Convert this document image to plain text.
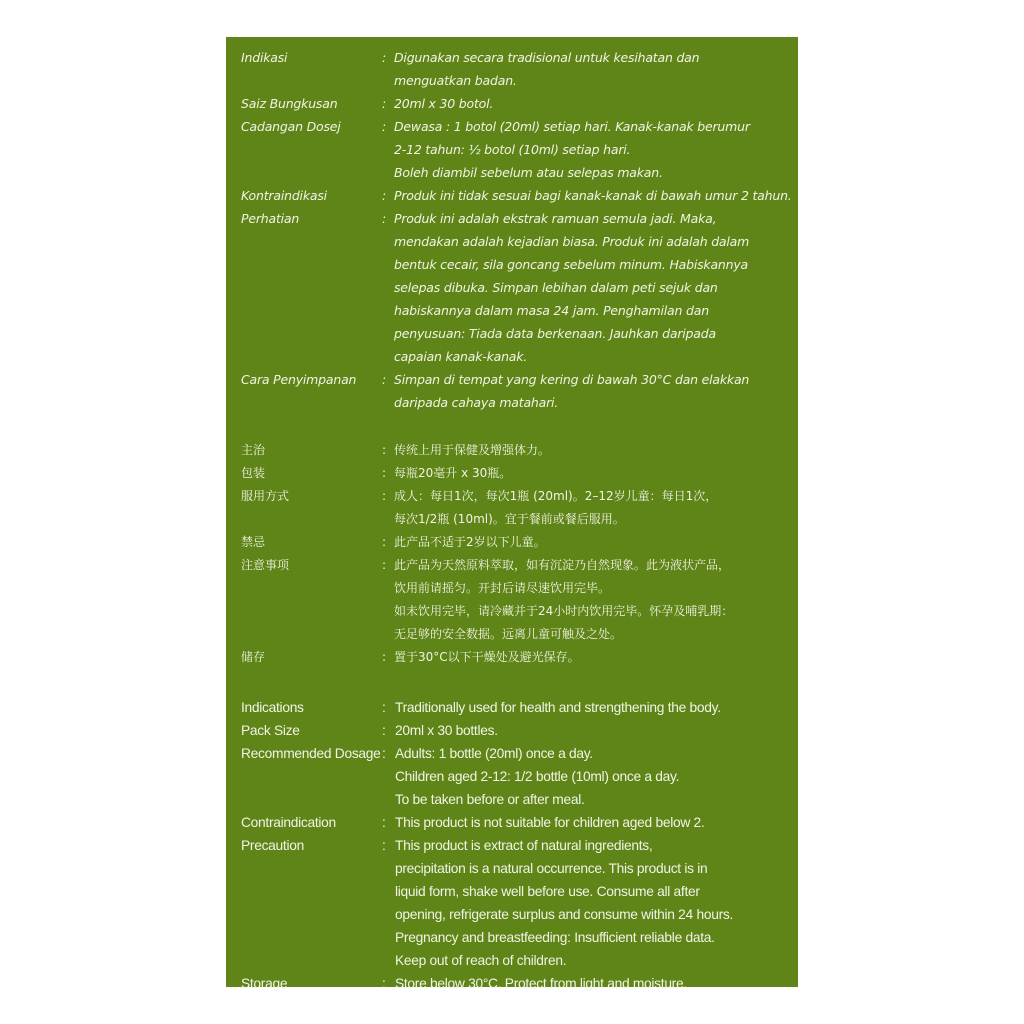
Indikasi	: Digunakan secara tradisional untuk kesihatan dan
menguatkan badan.
Saiz Bungkusan	: 20ml x 30 botol.
Cadangan Dosej	: Dewasa : 1 botol (20ml) setiap hari. Kanak-kanak berumur
2-12 tahun: ½ botol (10ml) setiap hari.
Boleh diambil sebelum atau selepas makan.
Kontraindikasi	: Produk ini tidak sesuai bagi kanak-kanak di bawah umur 2 tahun.
Perhatian	: Produk ini adalah ekstrak ramuan semula jadi. Maka,
mendakan adalah kejadian biasa. Produk ini adalah dalam
bentuk cecair, sila goncang sebelum minum. Habiskannya
selepas dibuka. Simpan lebihan dalam peti sejuk dan
habiskannya dalam masa 24 jam. Penghamilan dan
penyusuan: Tiada data berkenaan. Jauhkan daripada
capaian kanak-kanak.
Cara Penyimpanan : Simpan di tempat yang kering di bawah 30°C dan elakkan
daripada cahaya matahari.
主治	: 传统上用于保健及增强体力。
包装	: 每瓶20毫升 x 30瓶。
服用方式	: 成人：每日1次，每次1瓶 (20ml)。2–12岁儿童：每日1次，
每次1/2瓶 (10ml)。宜于餐前或餐后服用。
禁忌	: 此产品不适于2岁以下儿童。
注意事项	: 此产品为天然原料萃取，如有沉淀乃自然现象。此为液状产品，
饮用前请摇匀。开封后请尽速饮用完毕。
如未饮用完毕，请冷藏并于24小时内饮用完毕。怀孕及哺乳期：
无足够的安全数据。远离儿童可触及之处。
储存	: 置于30°C以下干燥处及避光保存。
Indications	: Traditionally used for health and strengthening the body.
Pack Size	: 20ml x 30 bottles.
Recommended Dosage : Adults: 1 bottle (20ml) once a day.
Children aged 2-12: 1/2 bottle (10ml) once a day.
To be taken before or after meal.
Contraindication	: This product is not suitable for children aged below 2.
Precaution	: This product is extract of natural ingredients,
precipitation is a natural occurrence. This product is in
liquid form, shake well before use. Consume all after
opening, refrigerate surplus and consume within 24 hours.
Pregnancy and breastfeeding: Insufficient reliable data.
Keep out of reach of children.
Storage	: Store below 30°C. Protect from light and moisture.
